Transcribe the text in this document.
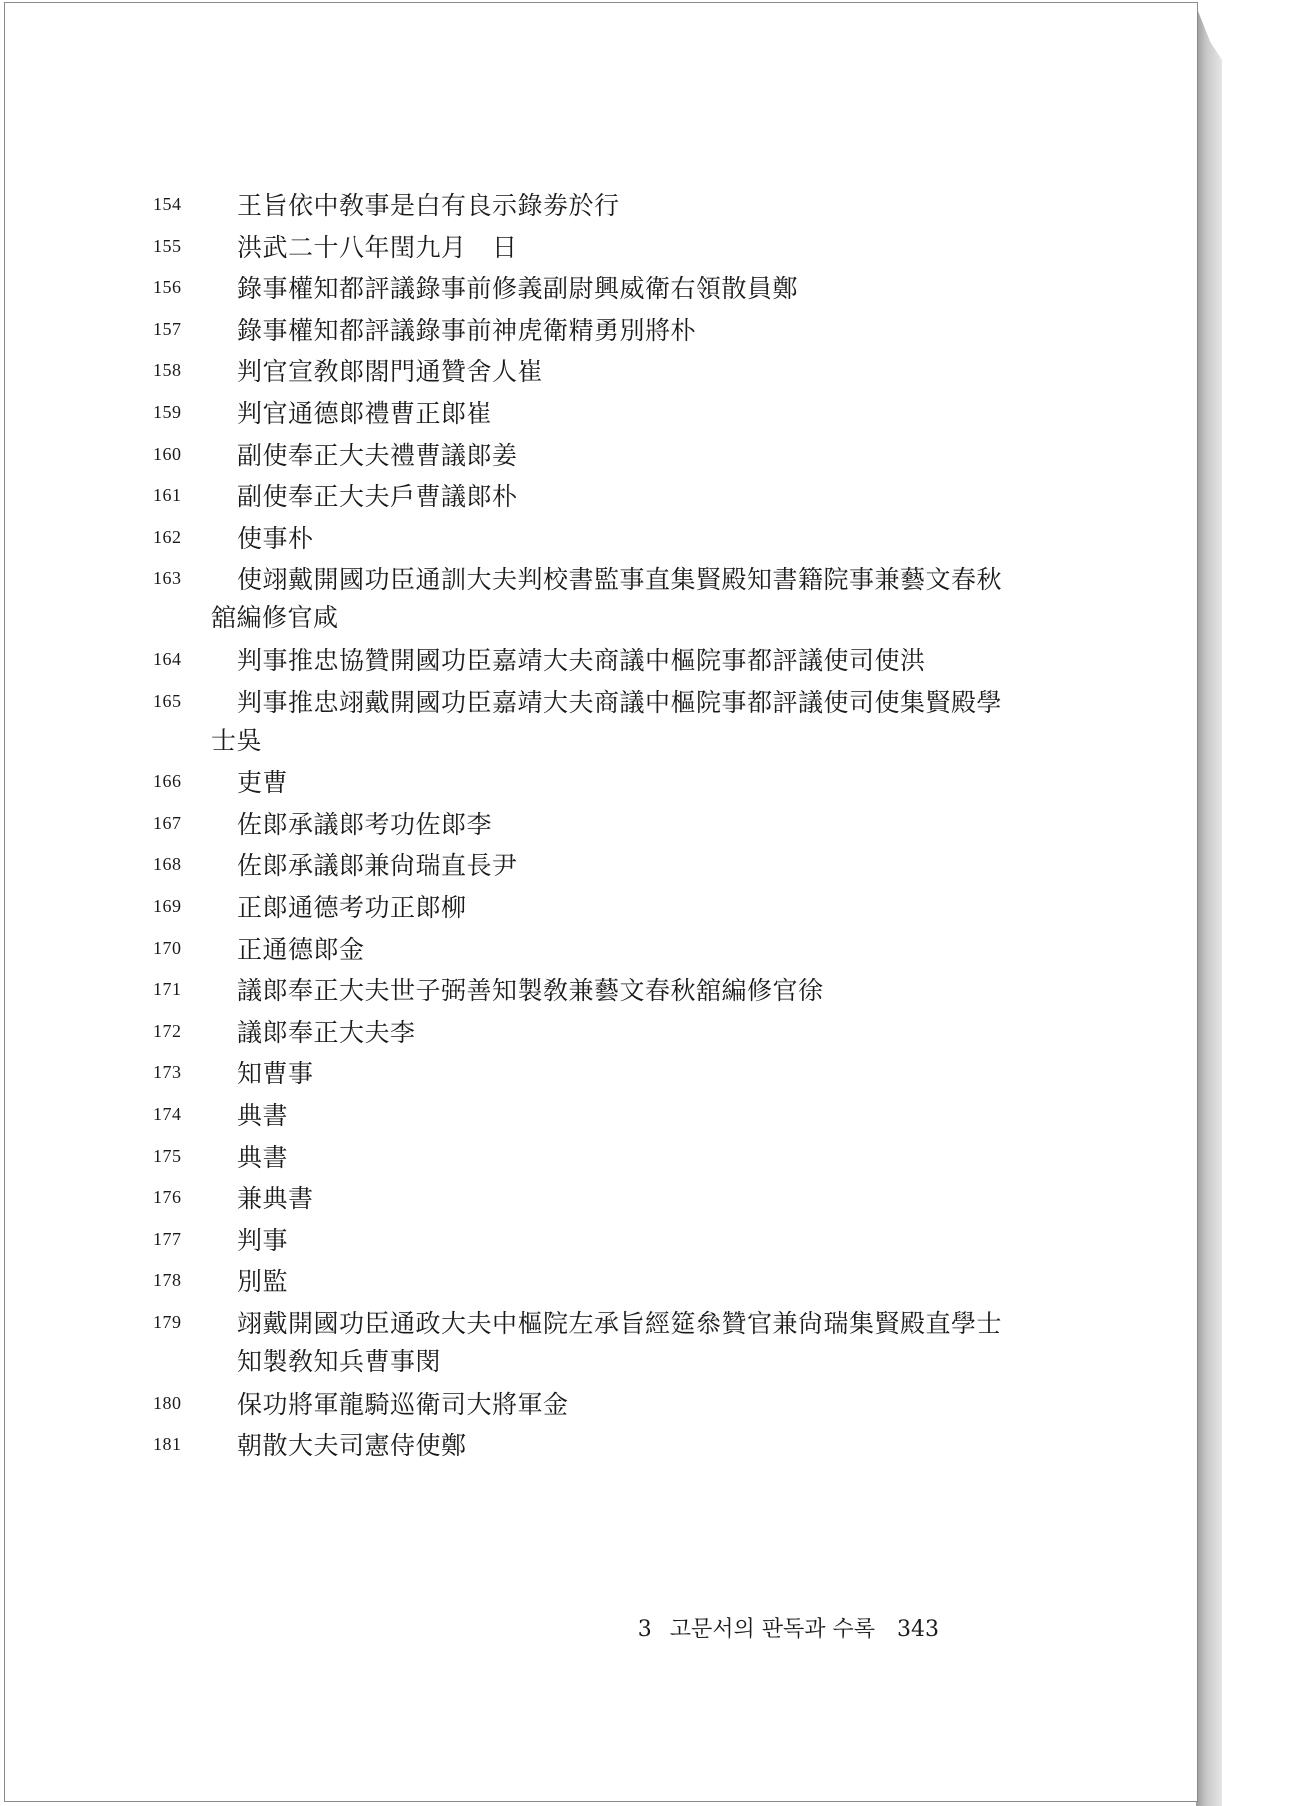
154 王旨依中敎事是白有良示錄劵於行
155 洪武二十八年閏九月　日
156 錄事權知都評議錄事前修義副尉興威衛右領散員鄭
157 錄事權知都評議錄事前神虎衛精勇別將朴
158 判官宣敎郞閤門通贊舍人崔
159 判官通德郞禮曹正郞崔
160 副使奉正大夫禮曹議郞姜
161 副使奉正大夫戶曹議郞朴
162 使事朴
163 使翊戴開國功臣通訓大夫判校書監事直集賢殿知書籍院事兼藝文春秋
舘編修官咸
164 判事推忠協贊開國功臣嘉靖大夫商議中樞院事都評議使司使洪
165 判事推忠翊戴開國功臣嘉靖大夫商議中樞院事都評議使司使集賢殿學
士吳
166 吏曹
167 佐郞承議郞考功佐郞李
168 佐郞承議郞兼尙瑞直長尹
169 正郞通德考功正郞柳
170 正通德郞金
171 議郞奉正大夫世子弼善知製敎兼藝文春秋舘編修官徐
172 議郞奉正大夫李
173 知曹事
174 典書
175 典書
176 兼典書
177 判事
178 別監
179 翊戴開國功臣通政大夫中樞院左承旨經筵叅贊官兼尙瑞集賢殿直學士
知製敎知兵曹事閔
180 保功將軍龍騎巡衛司大將軍金
181 朝散大夫司憲侍使鄭
3 고문서의 판독과 수록 343
